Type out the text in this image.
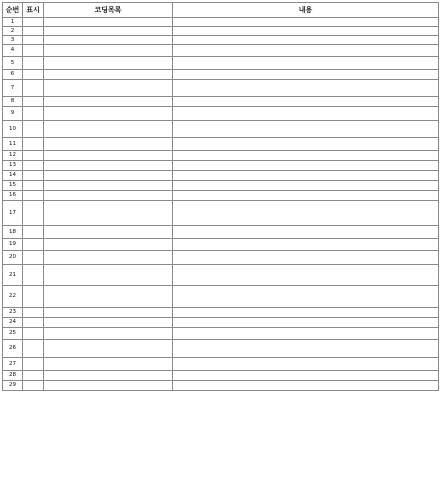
순번	표시	코딩목록	내용
1			
2			
3			
4			
5			
6			
7			
8			
9			
10			
11			
12			
13			
14			
15			
16			
17			
18			
19			
20			
21			
22			
23			
24			
25			
26			
27			
28			
29			
